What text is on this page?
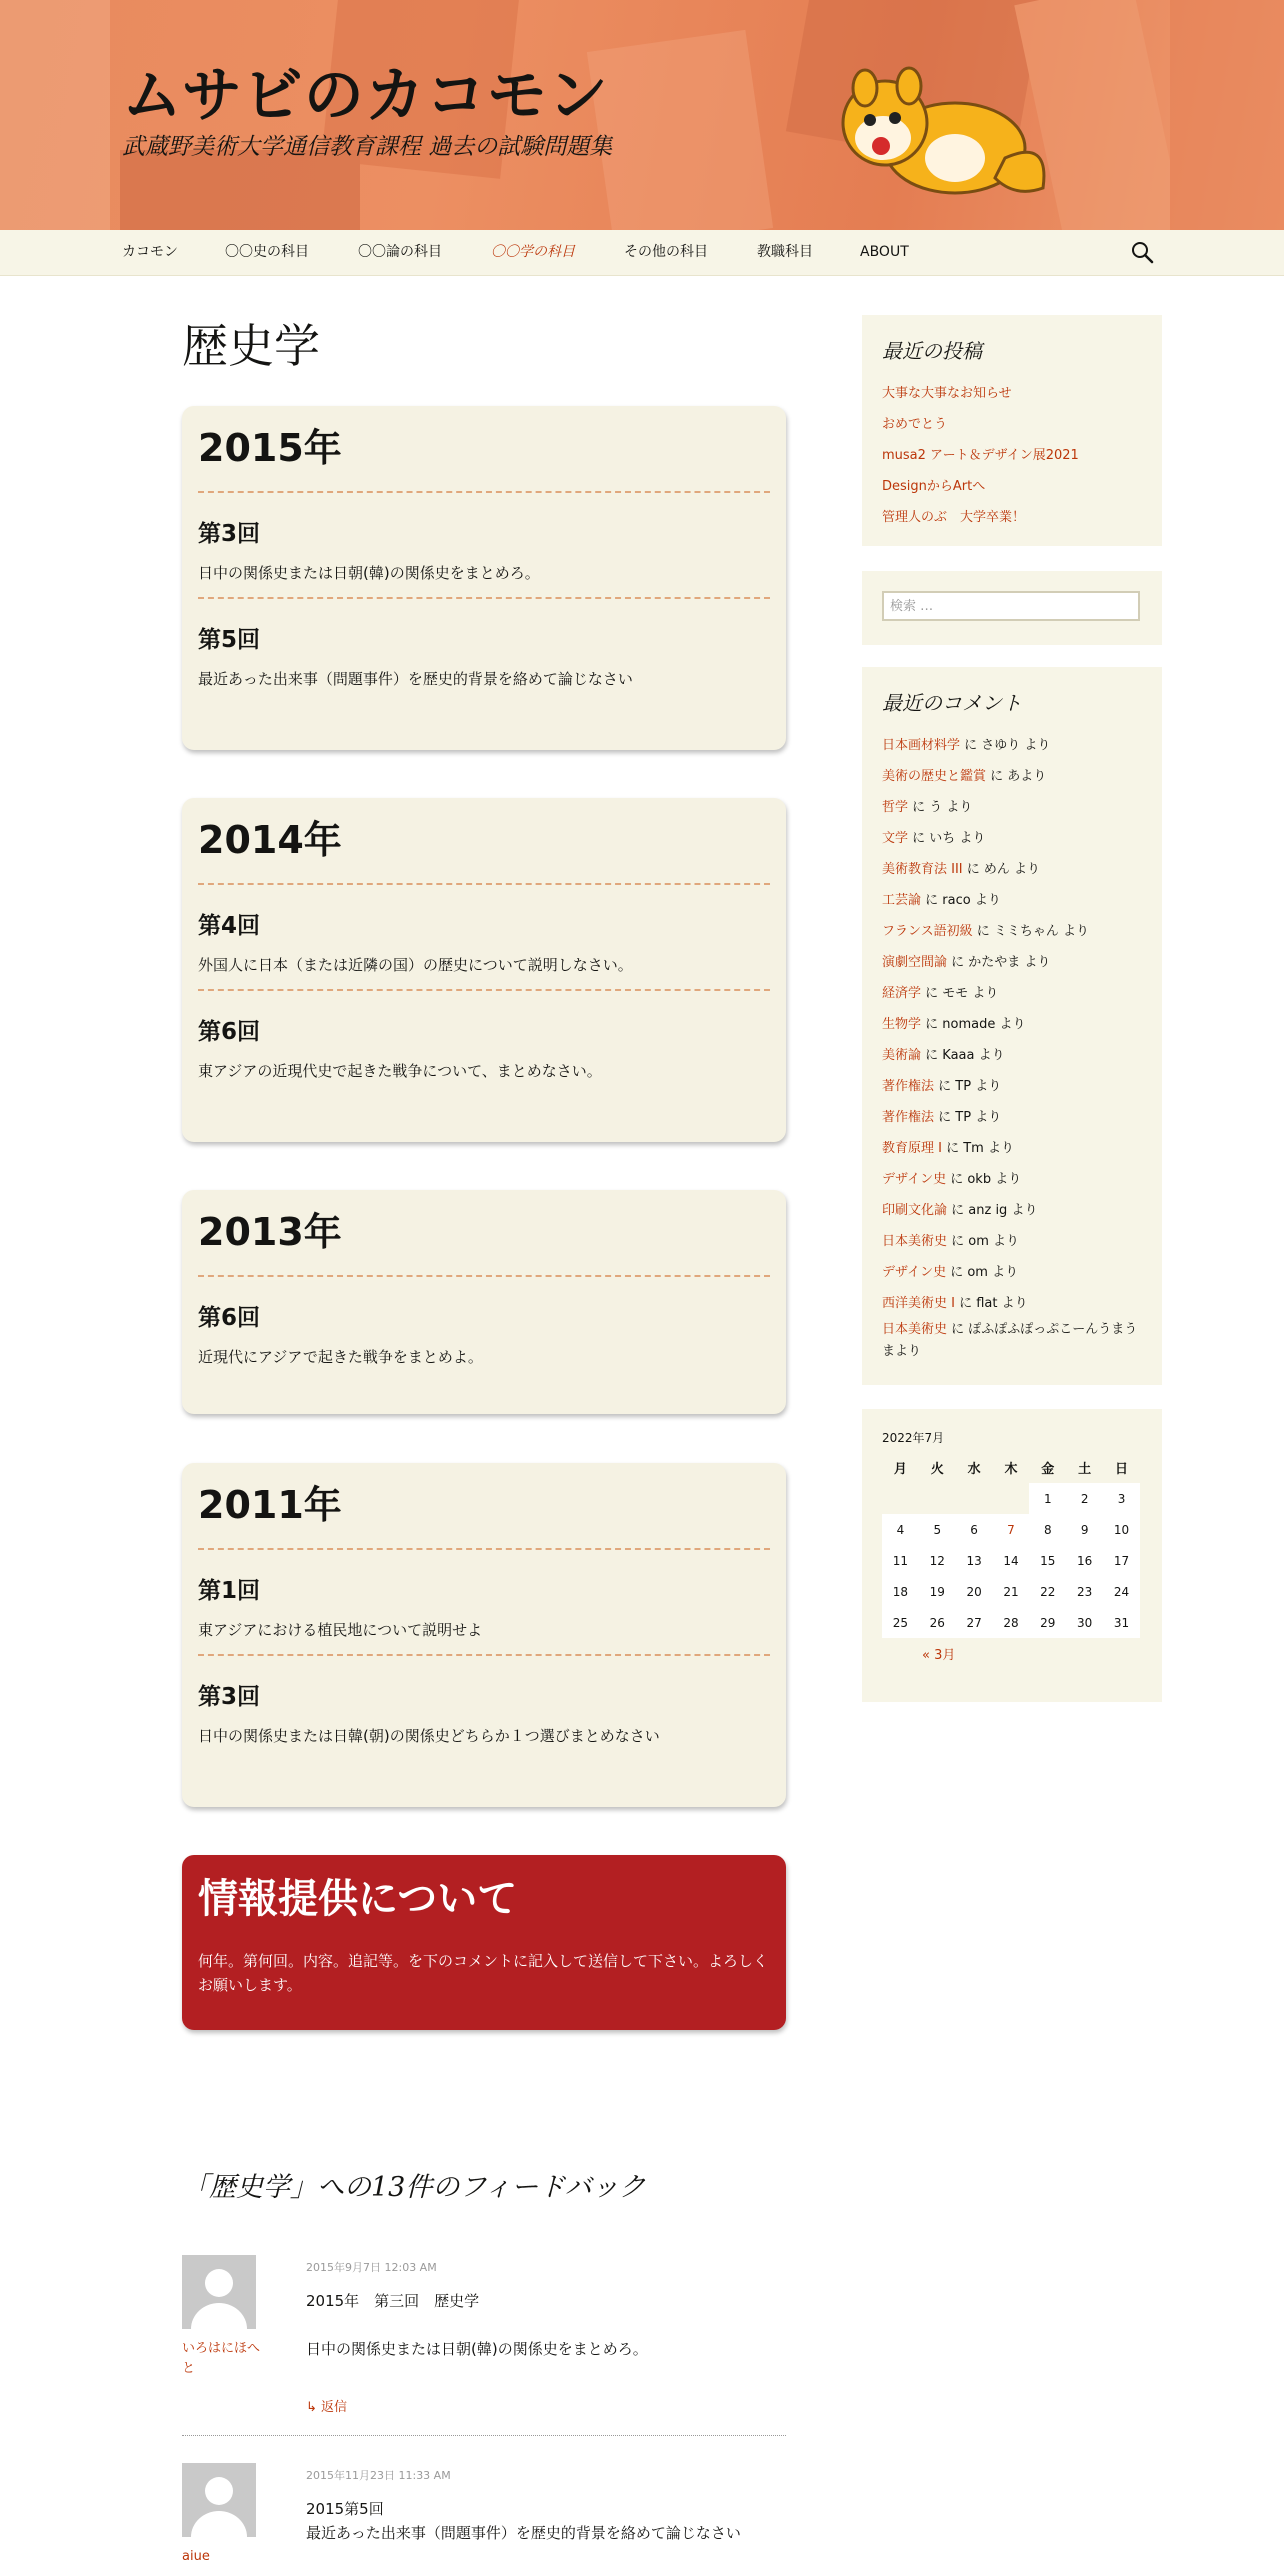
ムサビのカコモン

武蔵野美術大学通信教育課程 過去の試験問題集

カコモン	〇〇史の科目	〇〇論の科目	〇〇学の科目	その他の科目	教職科目	ABOUT
歴史学
2015年
第3回

日中の関係史または日朝(韓)の関係史をまとめろ。

第5回

最近あった出来事（問題事件）を歴史的背景を絡めて論じなさい

2014年
第4回

外国人に日本（または近隣の国）の歴史について説明しなさい。

第6回

東アジアの近現代史で起きた戦争について、まとめなさい。

2013年
第6回

近現代にアジアで起きた戦争をまとめよ。

2011年
第1回

東アジアにおける植民地について説明せよ

第3回

日中の関係史または日韓(朝)の関係史どちらか１つ選びまとめなさい

情報提供について

何年。第何回。内容。追記等。を下のコメントに記入して送信して下さい。よろしくお願いします。

「歴史学」への13件のフィードバック
いろはにほへと
2015年9月7日 12:03 AM

2015年　第三回　歴史学

日中の関係史または日朝(韓)の関係史をまとめろ。

↳ 返信
aiue
2015年11月23日 11:33 AM

2015第5回

最近あった出来事（問題事件）を歴史的背景を絡めて論じなさい

最近の投稿
大事な大事なお知らせ
おめでとう
musa2 アート＆デザイン展2021
DesignからArtへ
管理人のぶ　大学卒業！
検索 …
最近のコメント
日本画材料学 に さゆり より
美術の歴史と鑑賞 に あより
哲学 に う より
文学 に いち より
美術教育法 III に めん より
工芸論 に raco より
フランス語初級 に ミミちゃん より
演劇空間論 に かたやま より
経済学 に モモ より
生物学 に nomade より
美術論 に Kaaa より
著作権法 に TP より
著作権法 に TP より
教育原理 Ⅰ に Tm より
デザイン史 に okb より
印刷文化論 に anz ig より
日本美術史 に om より
デザイン史 に om より
西洋美術史 Ⅰ に flat より
日本美術史 に ぽふぽふぽっぷこーんうまうまより
2022年7月
月	火	水	木	金	土	日
				1	2	3
4	5	6	7	8	9	10
11	12	13	14	15	16	17
18	19	20	21	22	23	24
25	26	27	28	29	30	31
« 3月
